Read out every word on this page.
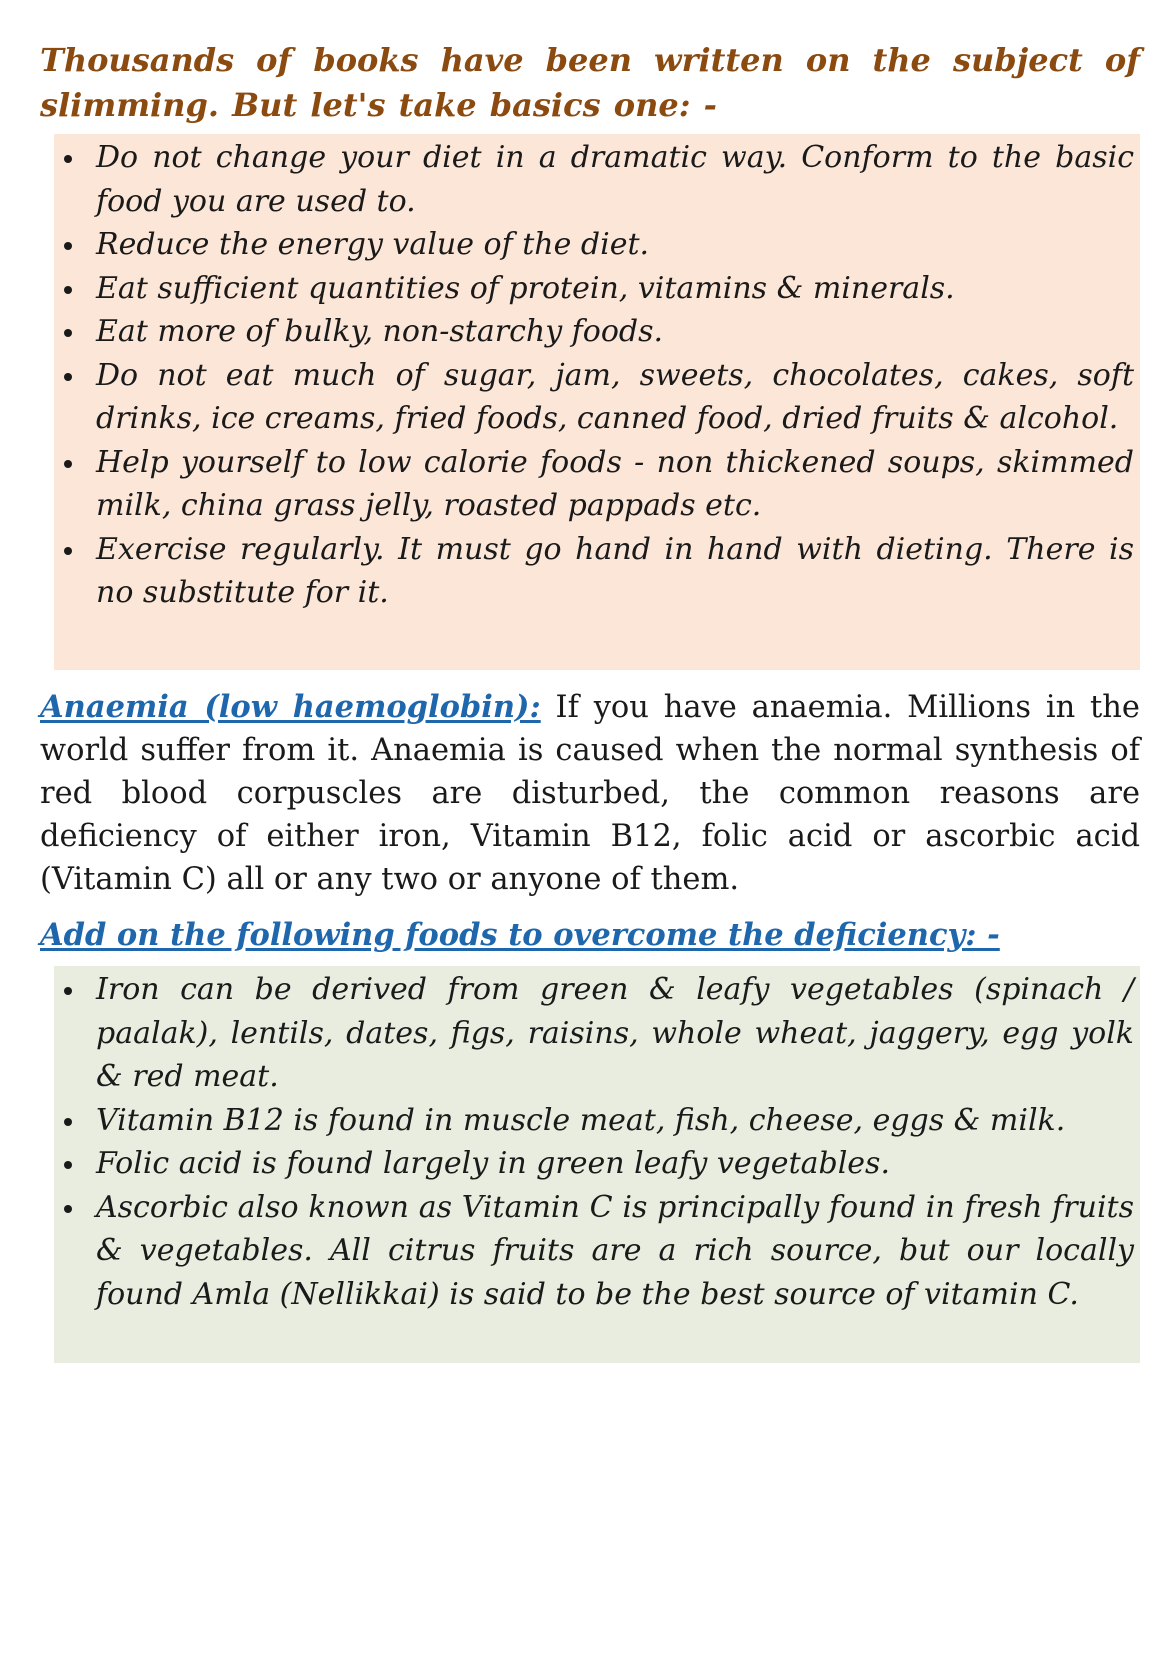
Thousands of books have been written on the subject of slimming. But let's take basics one: -

Do not change your diet in a dramatic way. Conform to the basic food you are used to.
Reduce the energy value of the diet.
Eat sufficient quantities of protein, vitamins & minerals.
Eat more of bulky, non-starchy foods.
Do not eat much of sugar, jam, sweets, chocolates, cakes, soft drinks, ice creams, fried foods, canned food, dried fruits & alcohol.
Help yourself to low calorie foods - non thickened soups, skimmed milk, china grass jelly, roasted pappads etc.
Exercise regularly. It must go hand in hand with dieting. There is no substitute for it.

Anaemia (low haemoglobin): If you have anaemia. Millions in the world suffer from it. Anaemia is caused when the normal synthesis of red blood corpuscles are disturbed, the common reasons are deficiency of either iron, Vitamin B12, folic acid or ascorbic acid (Vitamin C) all or any two or anyone of them.

Add on the following foods to overcome the deficiency: -

Iron can be derived from green & leafy vegetables (spinach / paalak), lentils, dates, figs, raisins, whole wheat, jaggery, egg yolk & red meat.
Vitamin B12 is found in muscle meat, fish, cheese, eggs & milk.
Folic acid is found largely in green leafy vegetables.
Ascorbic also known as Vitamin C is principally found in fresh fruits & vegetables. All citrus fruits are a rich source, but our locally found Amla (Nellikkai) is said to be the best source of vitamin C.
